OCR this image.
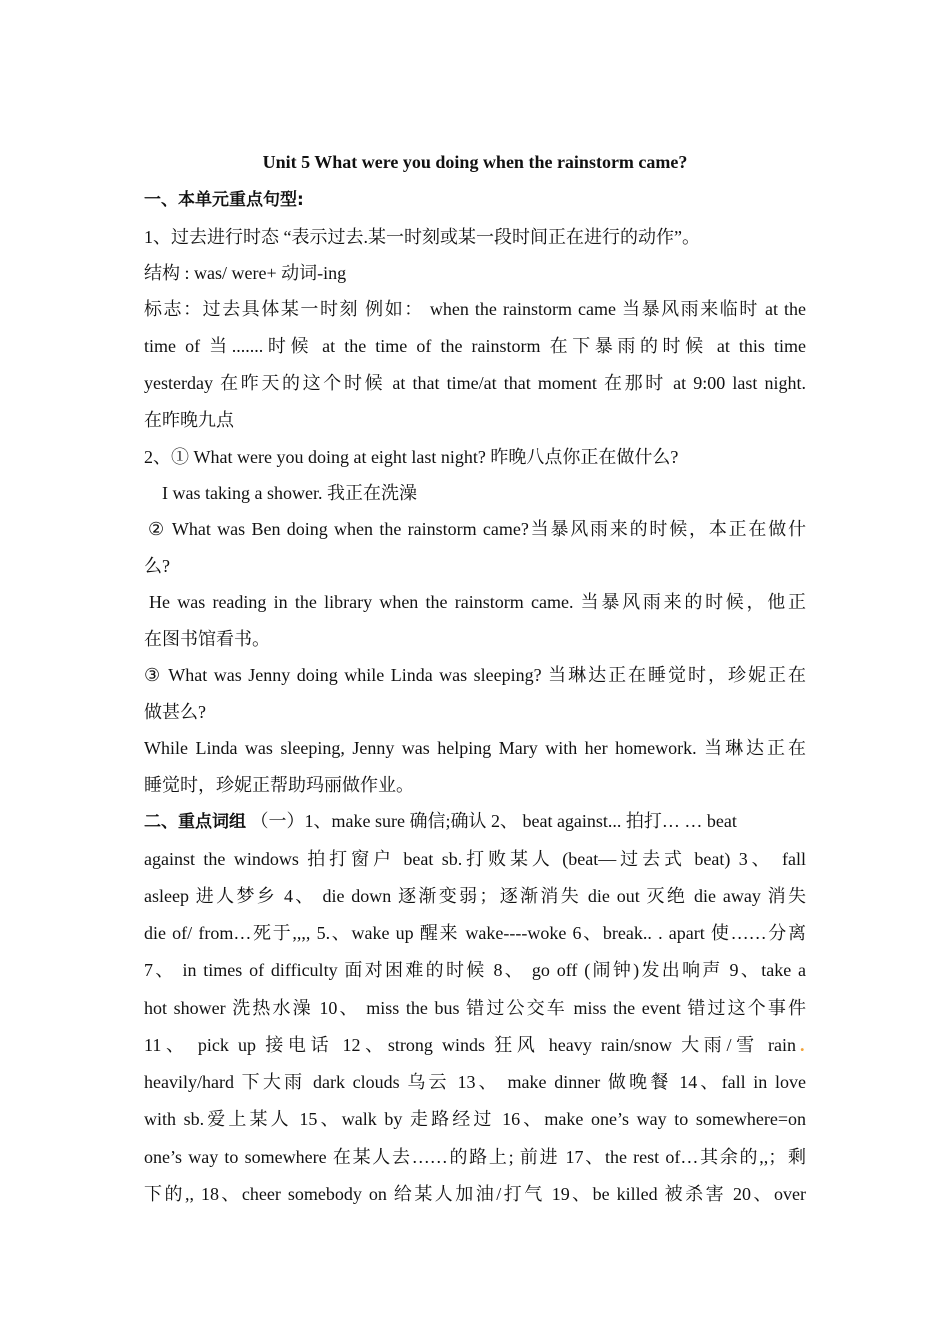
Unit 5 What were you doing when the rainstorm came?
一、本单元重点句型:
1、过去进行时态 “表示过去.某一时刻或某一段时间正在进行的动作”。
结构 : was/ were+ 动词-ing
标志：过去具体某一时刻 例如： when the rainstorm came 当暴风雨来临时 at the
time of 当.......时候 at the time of the rainstorm 在下暴雨的时候 at this time
yesterday 在昨天的这个时候 at that time/at that moment 在那时 at 9:00 last night.
在昨晚九点
2、① What were you doing at eight last night? 昨晚八点你正在做什么?
I was taking a shower. 我正在洗澡
② What was Ben doing when the rainstorm came?当暴风雨来的时候，本正在做什
么?
He was reading in the library when the rainstorm came. 当暴风雨来的时候，他正
在图书馆看书。
③ What was Jenny doing while Linda was sleeping? 当琳达正在睡觉时，珍妮正在
做甚么?
While Linda was sleeping, Jenny was helping Mary with her homework. 当琳达正在
睡觉时，珍妮正帮助玛丽做作业。
二、重点词组 （一）1、make sure 确信;确认 2、 beat against... 拍打… … beat
against the windows 拍打窗户 beat sb.打败某人 (beat—过去式 beat) 3、 fall
asleep 进人梦乡 4、 die down 逐渐变弱；逐渐消失 die out 灭绝 die away 消失
die of/ from…死于,,,, 5.、wake up 醒来 wake----woke 6、break.. . apart 使……分离
7、 in times of difficulty 面对困难的时候 8、 go off (闹钟)发出响声 9、take a
hot shower 洗热水澡 10、 miss the bus 错过公交车 miss the event 错过这个事件
11、 pick up 接电话 12、strong winds 狂风 heavy rain/snow 大雨/雪 rain .
heavily/hard 下大雨 dark clouds 乌云 13、 make dinner 做晚餐 14、fall in love
with sb.爱上某人 15、walk by 走路经过 16、make one’s way to somewhere=on
one’s way to somewhere 在某人去……的路上; 前进 17、the rest of…其余的,,；剩
下的,, 18、cheer somebody on 给某人加油/打气 19、be killed 被杀害 20、over
